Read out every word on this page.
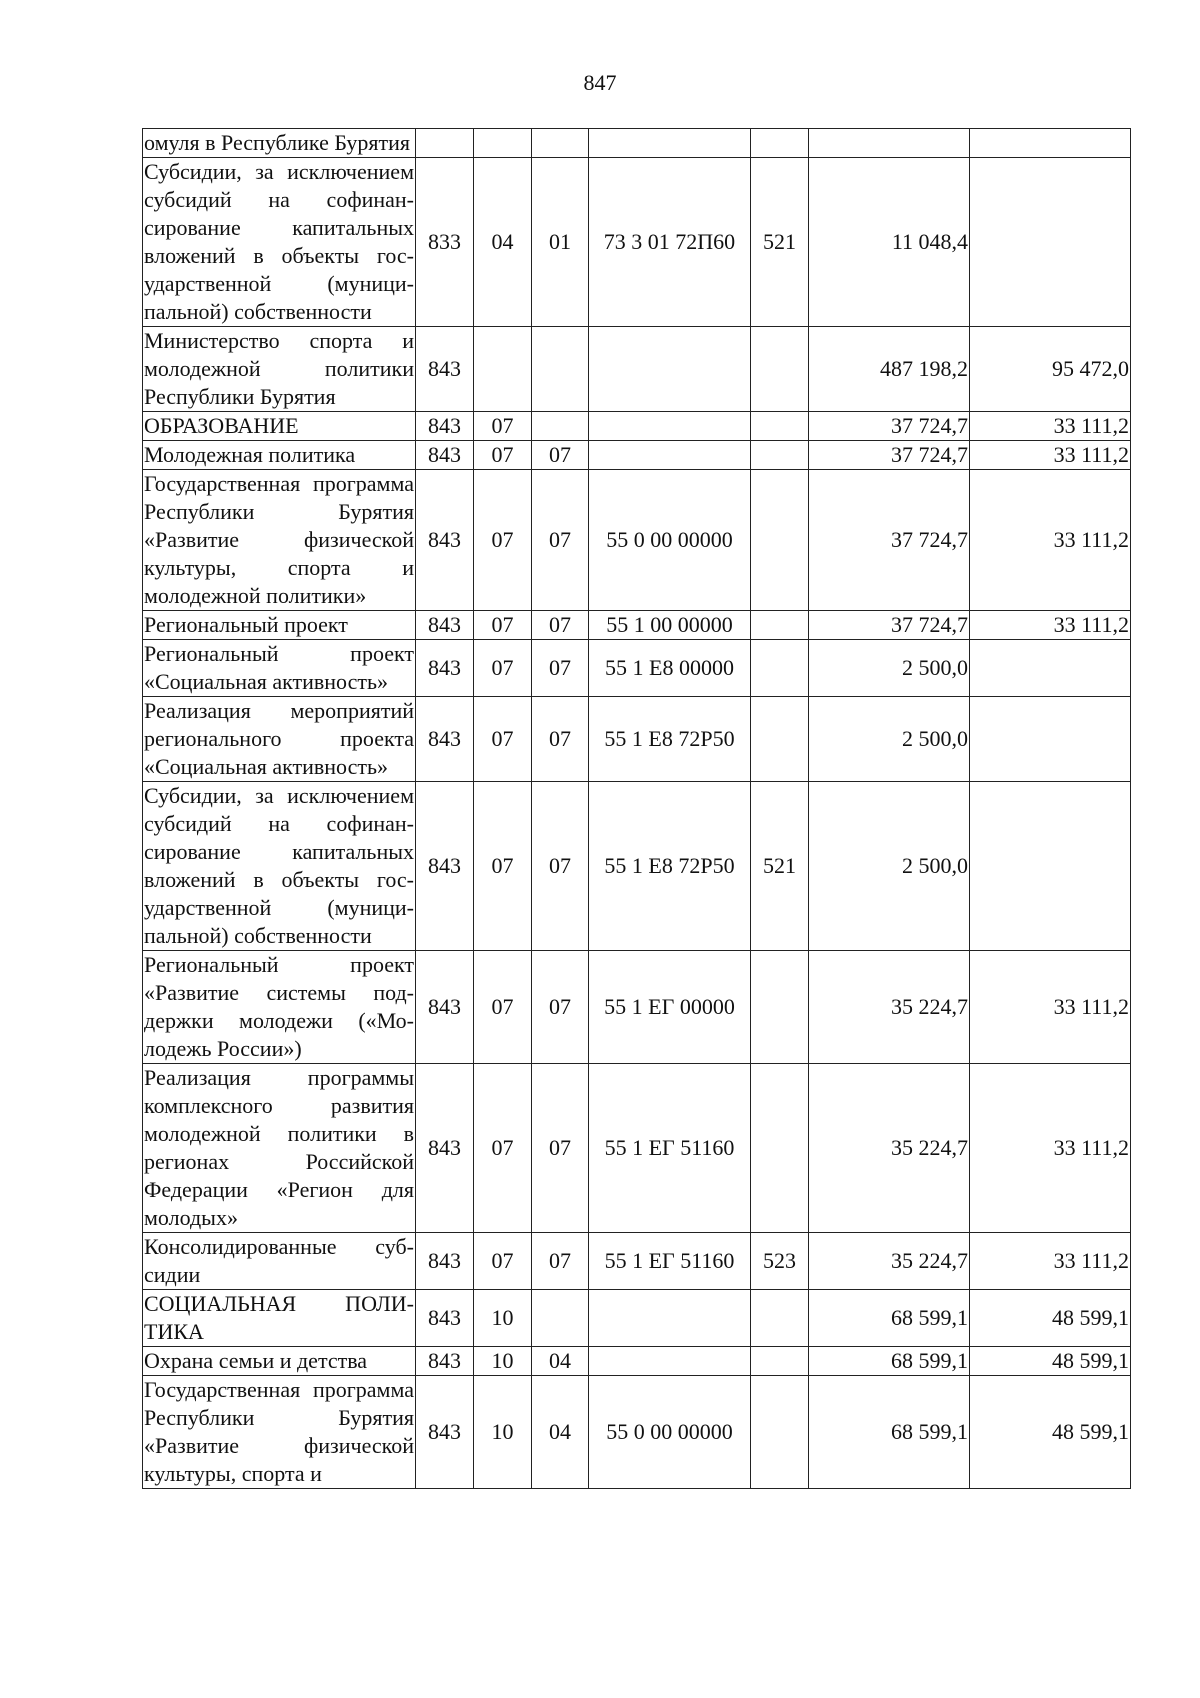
847
омуля в Республике Бурятия							
Субсидии, за исключением субсидий на софинансирование капитальных вложений в объекты государственной (муниципальной) собственности	833	04	01	73 3 01 72П60	521	11 048,4	
Министерство спорта и молодежной политики Республики Бурятия	843					487 198,2	95 472,0
ОБРАЗОВАНИЕ	843	07				37 724,7	33 111,2
Молодежная политика	843	07	07			37 724,7	33 111,2
Государственная программа Республики Бурятия «Развитие физической культуры, спорта и молодежной политики»	843	07	07	55 0 00 00000		37 724,7	33 111,2
Региональный проект	843	07	07	55 1 00 00000		37 724,7	33 111,2
Региональный проект «Социальная активность»	843	07	07	55 1 Е8 00000		2 500,0	
Реализация мероприятий регионального проекта «Социальная активность»	843	07	07	55 1 Е8 72Р50		2 500,0	
Субсидии, за исключением субсидий на софинансирование капитальных вложений в объекты государственной (муниципальной) собственности	843	07	07	55 1 Е8 72Р50	521	2 500,0	
Региональный проект «Развитие системы поддержки молодежи («Молодежь России»)	843	07	07	55 1 ЕГ 00000		35 224,7	33 111,2
Реализация программы комплексного развития молодежной политики в регионах Российской Федерации «Регион для молодых»	843	07	07	55 1 ЕГ 51160		35 224,7	33 111,2
Консолидированные субсидии	843	07	07	55 1 ЕГ 51160	523	35 224,7	33 111,2
СОЦИАЛЬНАЯ ПОЛИТИКА	843	10				68 599,1	48 599,1
Охрана семьи и детства	843	10	04			68 599,1	48 599,1
Государственная программа Республики Бурятия «Развитие физической культуры, спорта и	843	10	04	55 0 00 00000		68 599,1	48 599,1
